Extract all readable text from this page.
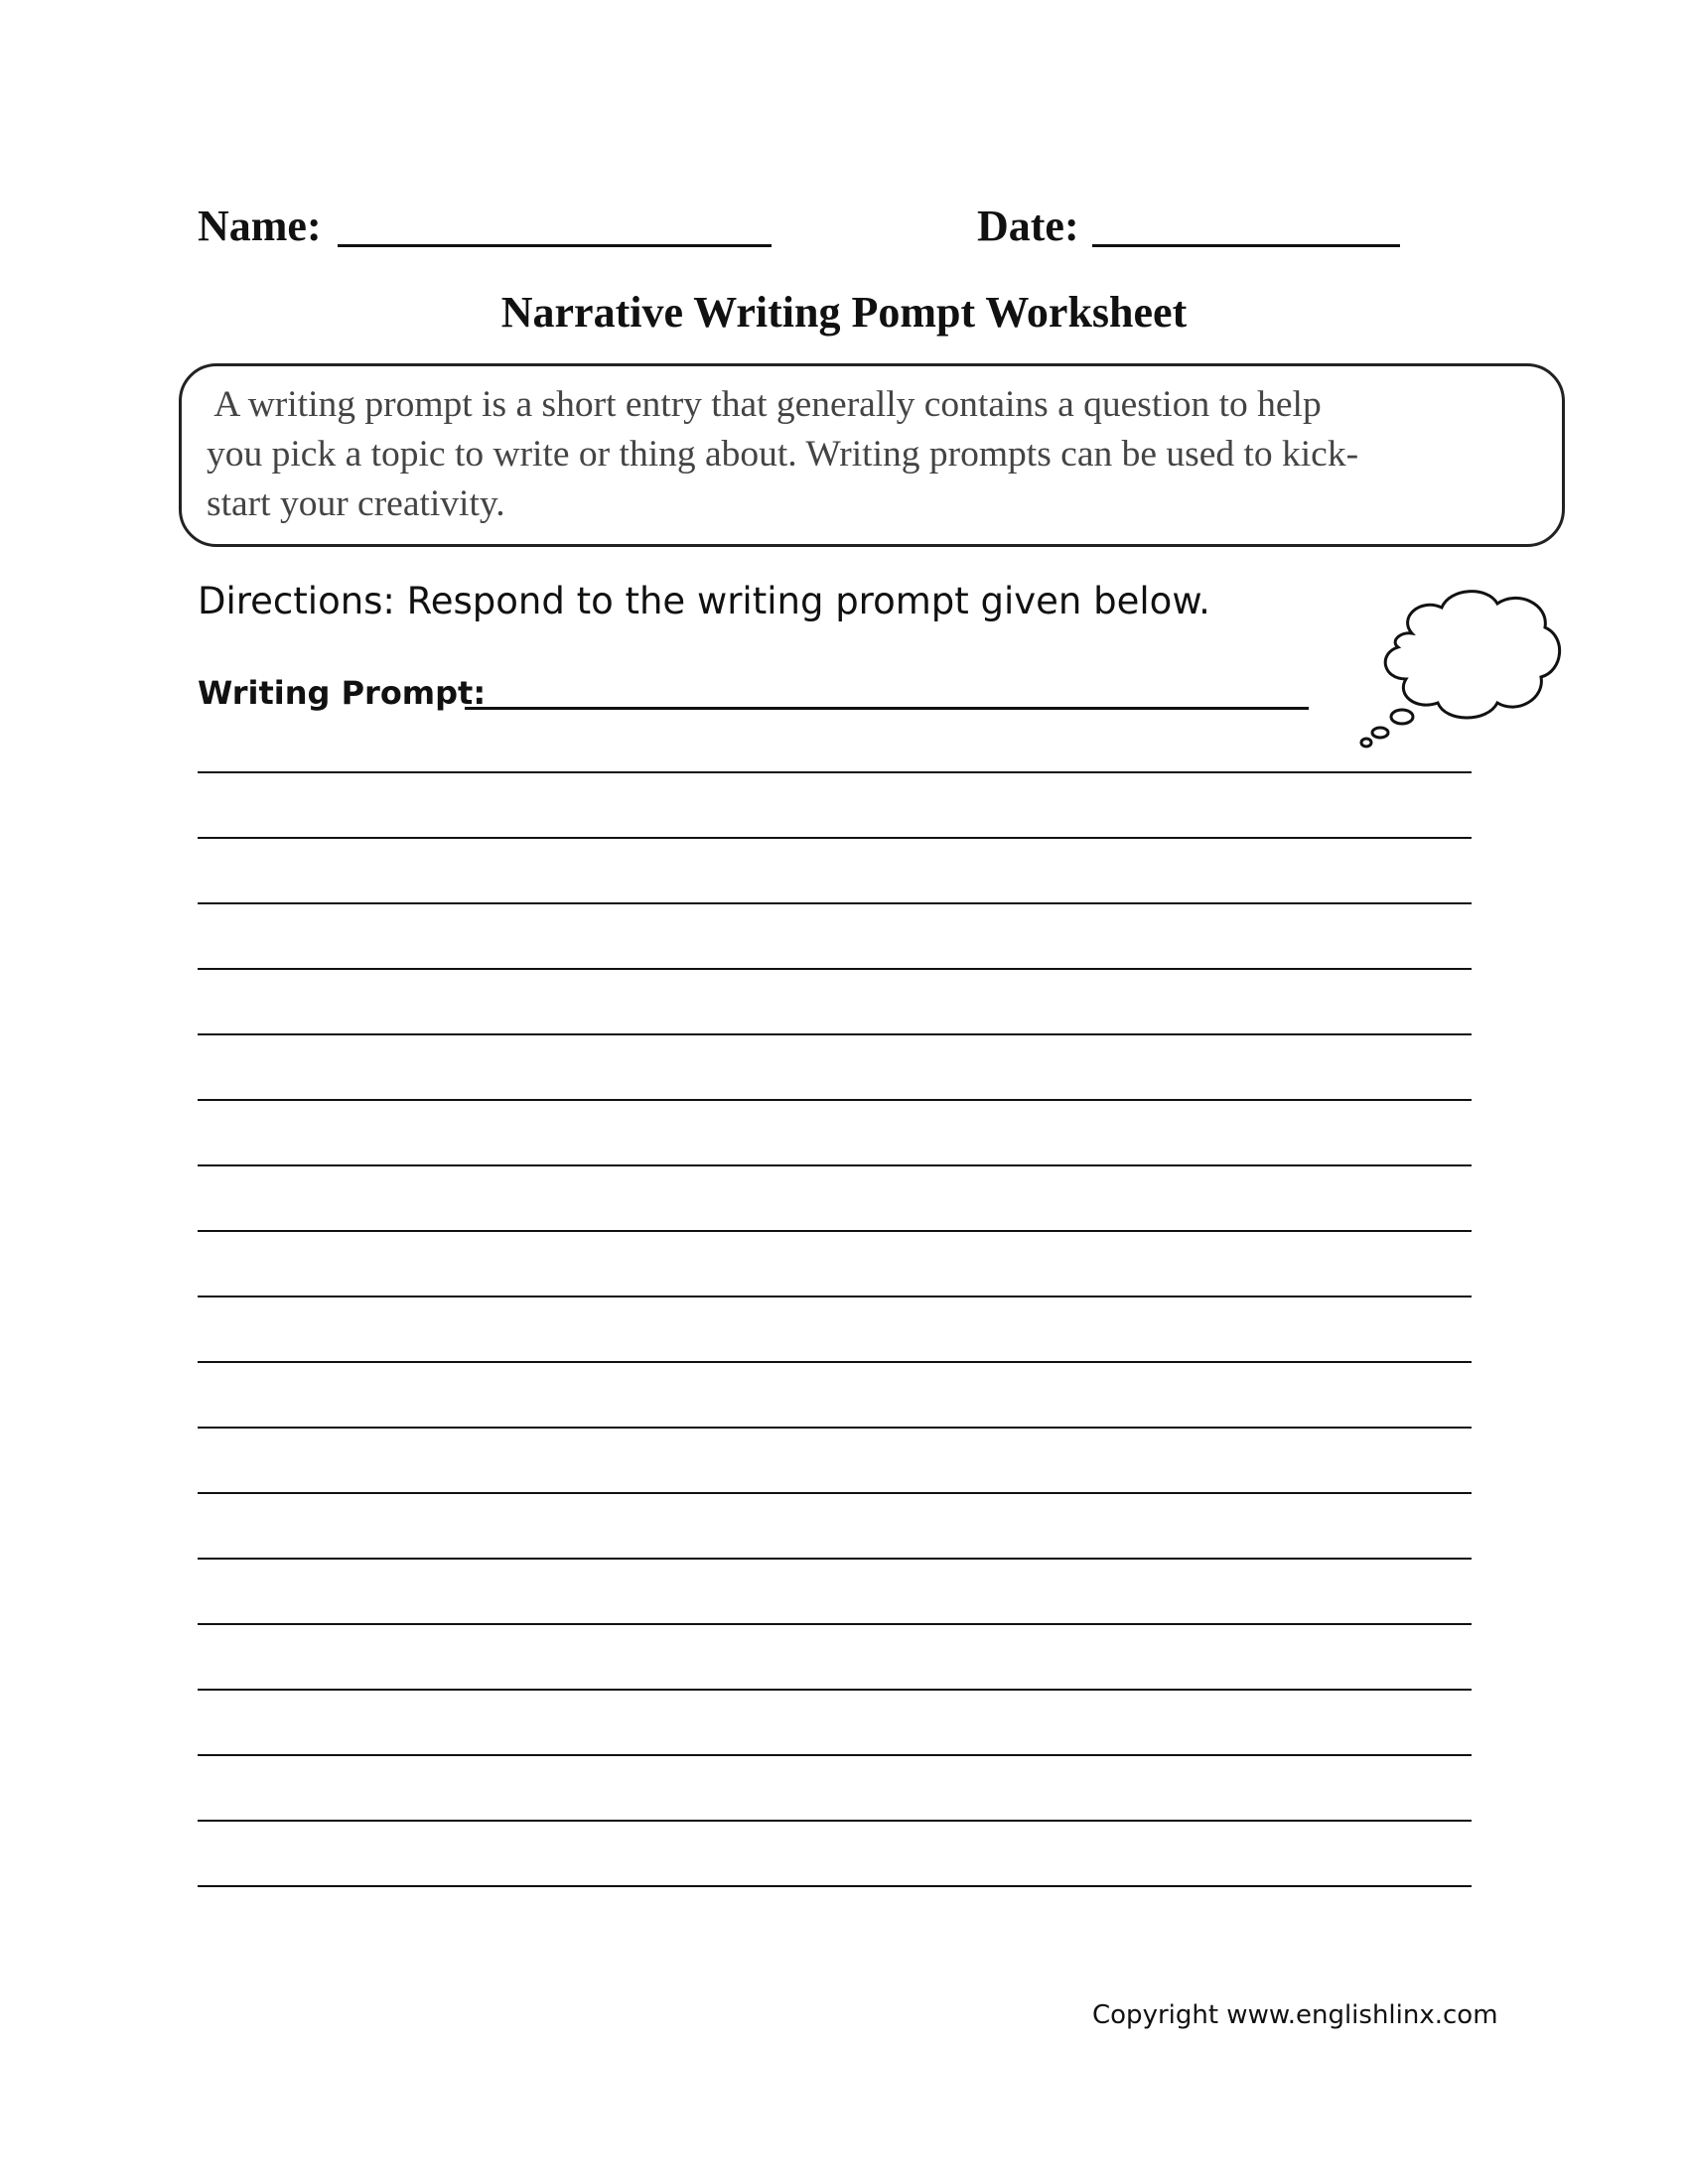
Name:	Date:
Narrative Writing Pompt Worksheet
A writing prompt is a short entry that generally contains a question to help
you pick a topic to write or thing about. Writing prompts can be used to kick-
start your creativity.
Directions: Respond to the writing prompt given below.
Writing Prompt:
Copyright www.englishlinx.com
